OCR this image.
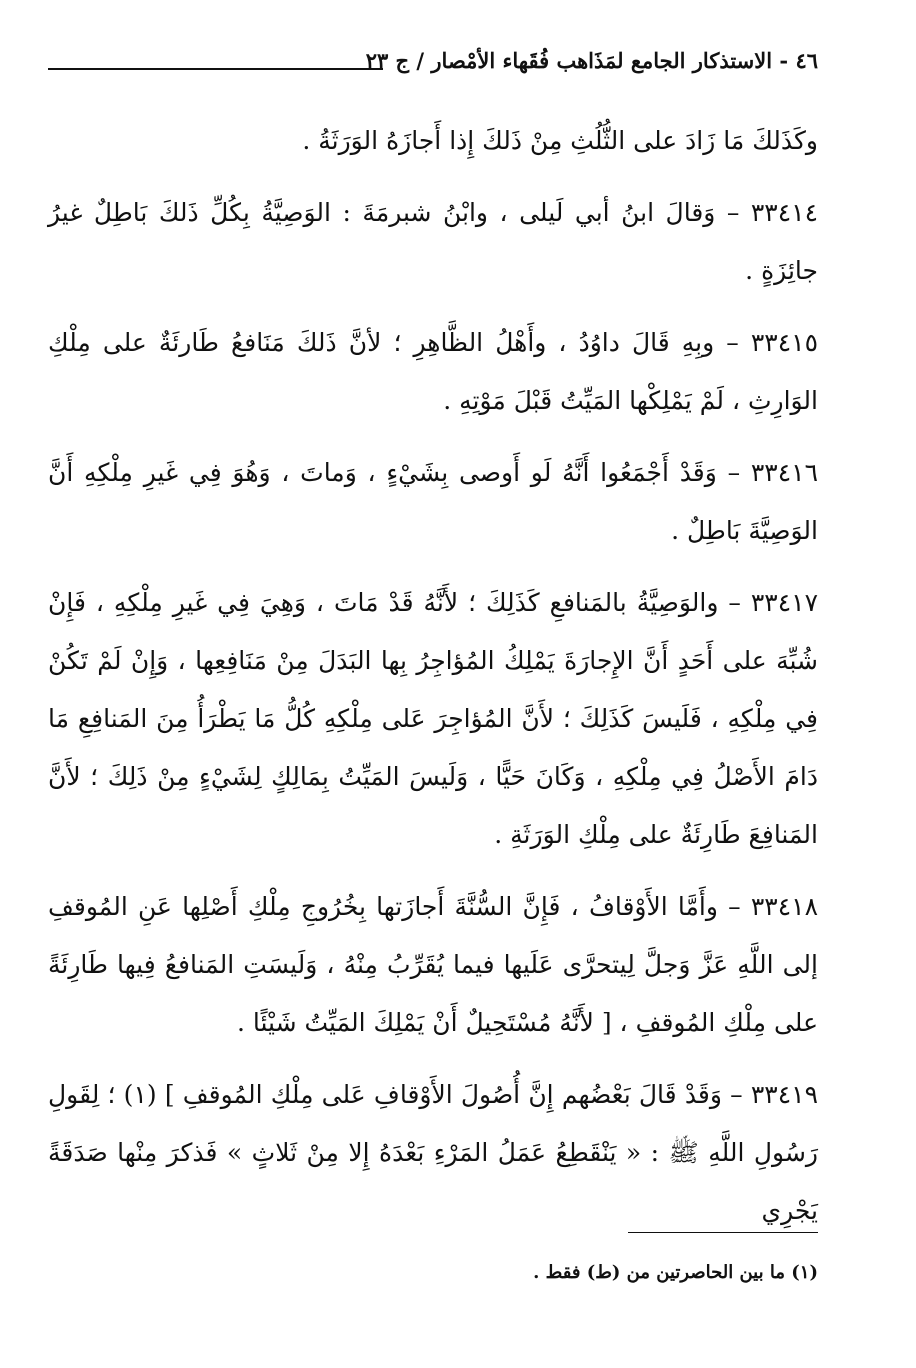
٤٦ - الاستذكار الجامع لمَذَاهب فُقَهاء الأمْصار / ج ٢٣

وكَذَلكَ مَا زَادَ على الثُّلُثِ مِنْ ذَلكَ إِذا أَجازَهُ الوَرَثَةُ .

٣٣٤١٤ – وَقالَ ابنُ أبي لَيلى ، وابْنُ شبرمَةَ : الوَصِيَّةُ بِكُلِّ ذَلكَ بَاطِلٌ غيرُ جائِزَةٍ .

٣٣٤١٥ – وبِهِ قَالَ داوُدُ ، وأَهْلُ الظَّاهِرِ ؛ لأنَّ ذَلكَ مَنَافعُ طَارئَةٌ على مِلْكِ الوَارِثِ ، لَمْ يَمْلِكْها المَيِّتُ قَبْلَ مَوْتِهِ .

٣٣٤١٦ – وَقَدْ أَجْمَعُوا أَنَّهُ لَو أَوصى بِشَيْءٍ ، وَماتَ ، وَهُوَ فِي غَيرِ مِلْكِهِ أَنَّ الوَصِيَّةَ بَاطِلٌ .

٣٣٤١٧ – والوَصِيَّةُ بالمَنافعِ كَذَلِكَ ؛ لأَنَّهُ قَدْ مَاتَ ، وَهِيَ فِي غَيرِ مِلْكِهِ ، فَإِنْ شُبِّهَ على أَحَدٍ أَنَّ الإِجارَةَ يَمْلِكُ المُؤاجِرُ بِها البَدَلَ مِنْ مَنَافِعِها ، وَإِنْ لَمْ تَكُنْ فِي مِلْكِهِ ، فَلَيسَ كَذَلِكَ ؛ لأَنَّ المُؤاجِرَ عَلى مِلْكِهِ كُلُّ مَا يَطْرَأُ مِنَ المَنافِعِ مَا دَامَ الأَصْلُ فِي مِلْكِهِ ، وَكَانَ حَيًّا ، وَلَيسَ المَيِّتُ بِمَالِكٍ لِشَيْءٍ مِنْ ذَلِكَ ؛ لأَنَّ المَنافِعَ طَارِئَةٌ على مِلْكِ الوَرَثَةِ .

٣٣٤١٨ – وأَمَّا الأَوْقافُ ، فَإِنَّ السُّنَّةَ أَجازَتها بِخُرُوجِ مِلْكِ أَصْلِها عَنِ المُوقفِ إلى اللَّهِ عَزَّ وَجلَّ لِيتحرَّى عَلَيها فيما يُقَرِّبُ مِنْهُ ، وَلَيسَتِ المَنافعُ فِيها طَارِئَةً على مِلْكِ المُوقفِ ، [ لأَنَّهُ مُسْتَحِيلٌ أَنْ يَمْلِكَ المَيِّتُ شَيْئًا .

٣٣٤١٩ – وَقَدْ قَالَ بَعْضُهم إِنَّ أُصُولَ الأَوْقافِ عَلى مِلْكِ المُوقفِ ] (١) ؛ لِقَولِ رَسُولِ اللَّهِ ﷺ : « يَنْقَطِعُ عَمَلُ المَرْءِ بَعْدَهُ إِلا مِنْ ثَلاثٍ » فَذكرَ مِنْها صَدَقَةً يَجْرِي

(١) ما بين الحاصرتين من (ط) فقط .
